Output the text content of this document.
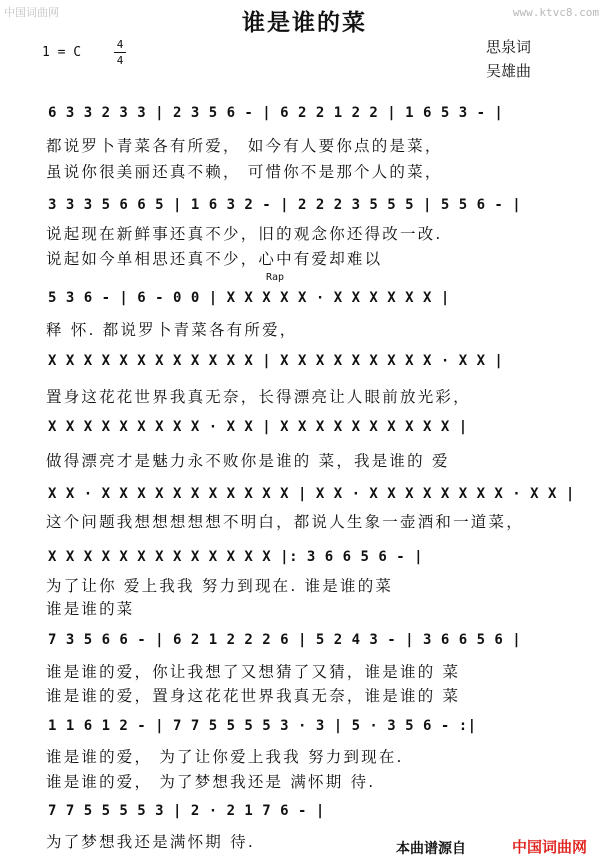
中国词曲网	www.ktvc8.com
谁是谁的菜
1 = C
4
4
思泉词
吴雄曲
6 3 3 2 3 3 | 2 3 5 6 - | 6 2 2 1 2 2 | 1 6 5 3 - |
都说罗卜青菜各有所爱， 如今有人要你点的是菜，
虽说你很美丽还真不赖， 可惜你不是那个人的菜，
3 3 3 5 6 6 5 | 1 6 3 2 - | 2 2 2 3 5 5 5 | 5 5 6 - |
说起现在新鲜事还真不少，旧的观念你还得改一改.
说起如今单相思还真不少，心中有爱却难以
Rap
5 3 6 - | 6 - 0 0 | X X X X X · X X X X X X |
释 怀. 都说罗卜青菜各有所爱，
X X X X X X X X X X X X | X X X X X X X X X · X X |
置身这花花世界我真无奈，长得漂亮让人眼前放光彩，
X X X X X X X X X · X X | X X X X X X X X X X |
做得漂亮才是魅力永不败你是谁的 菜，我是谁的 爱
X X · X X X X X X X X X X X | X X · X X X X X X X X · X X |
这个问题我想想想想想不明白，都说人生象一壶酒和一道菜，
X X X X X X X X X X X X X |: 3 6 6 5 6 - |
为了让你 爱上我我 努力到现在. 谁是谁的菜
谁是谁的菜
7 3 5 6 6 - | 6 2 1 2 2 2 6 | 5 2 4 3 - | 3 6 6 5 6 |
谁是谁的爱，你让我想了又想猜了又猜，谁是谁的 菜
谁是谁的爱，置身这花花世界我真无奈，谁是谁的 菜
1 1 6 1 2 - | 7 7 5 5 5 5 3 · 3 | 5 · 3 5 6 - :|
谁是谁的爱， 为了让你爱上我我 努力到现在.
谁是谁的爱， 为了梦想我还是 满怀期 待.
7 7 5 5 5 5 3 | 2 · 2 1 7 6 - |
为了梦想我还是满怀期 待.	本曲谱源自	中国词曲网
